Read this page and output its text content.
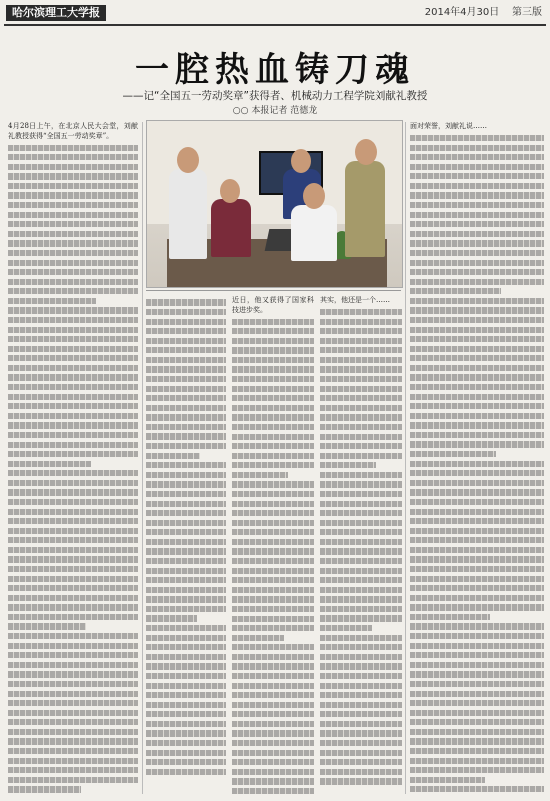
哈尔滨理工大学报	2014年4月30日 第三版
一腔热血铸刀魂
——记“全国五一劳动奖章”获得者、机械动力工程学院刘献礼教授
○○ 本报记者 范德龙
4月28日上午，在北京人民大会堂，刘献礼教授获得“全国五一劳动奖章”。
面对荣誉，刘献礼说……
近日，他又获得了国家科技进步奖。
其实，他还是一个……
